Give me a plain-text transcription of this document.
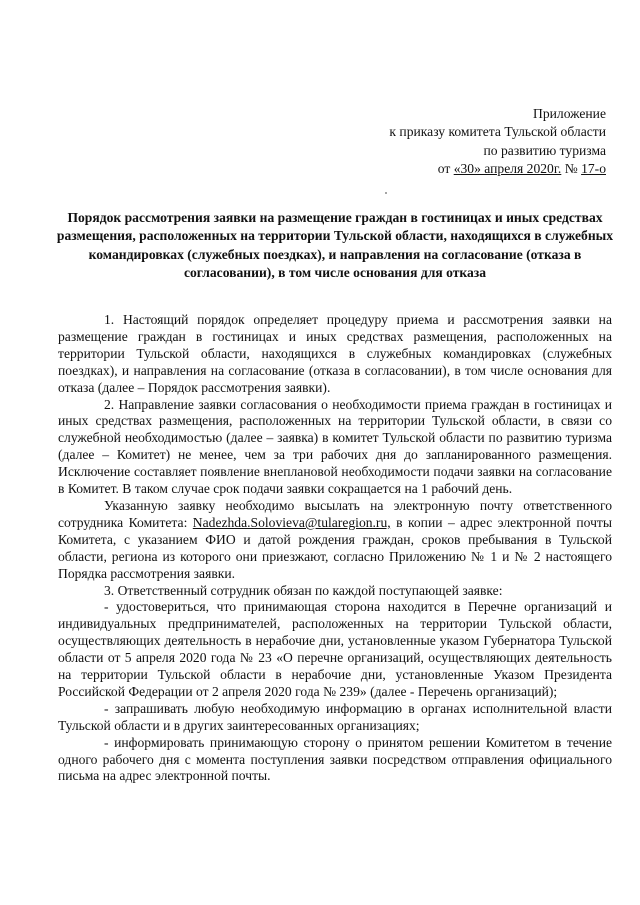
Приложение
к приказу комитета Тульской области
по развитию туризма
от «30» апреля 2020г. № 17-о
Порядок рассмотрения заявки на размещение граждан в гостиницах и иных средствах размещения, расположенных на территории Тульской области, находящихся в служебных командировках (служебных поездках), и направления на согласование (отказа в согласовании), в том числе основания для отказа

1. Настоящий порядок определяет процедуру приема и рассмотрения заявки на размещение граждан в гостиницах и иных средствах размещения, расположенных на территории Тульской области, находящихся в служебных командировках (служебных поездках), и направления на согласование (отказа в согласовании), в том числе основания для отказа (далее – Порядок рассмотрения заявки).

2. Направление заявки согласования о необходимости приема граждан в гостиницах и иных средствах размещения, расположенных на территории Тульской области, в связи со служебной необходимостью (далее – заявка) в комитет Тульской области по развитию туризма (далее – Комитет) не менее, чем за три рабочих дня до запланированного размещения. Исключение составляет появление внеплановой необходимости подачи заявки на согласование в Комитет. В таком случае срок подачи заявки сокращается на 1 рабочий день.

Указанную заявку необходимо высылать на электронную почту ответственного сотрудника Комитета: Nadezhda.Solovieva@tularegion.ru, в копии – адрес электронной почты Комитета, с указанием ФИО и датой рождения граждан, сроков пребывания в Тульской области, региона из которого они приезжают, согласно Приложению № 1 и № 2 настоящего Порядка рассмотрения заявки.

3. Ответственный сотрудник обязан по каждой поступающей заявке:

- удостовериться, что принимающая сторона находится в Перечне организаций и индивидуальных предпринимателей, расположенных на территории Тульской области, осуществляющих деятельность в нерабочие дни, установленные указом Губернатора Тульской области от 5 апреля 2020 года № 23 «О перечне организаций, осуществляющих деятельность на территории Тульской области в нерабочие дни, установленные Указом Президента Российской Федерации от 2 апреля 2020 года № 239» (далее - Перечень организаций);

- запрашивать любую необходимую информацию в органах исполнительной власти Тульской области и в других заинтересованных организациях;

- информировать принимающую сторону о принятом решении Комитетом в течение одного рабочего дня с момента поступления заявки посредством отправления официального письма на адрес электронной почты.
